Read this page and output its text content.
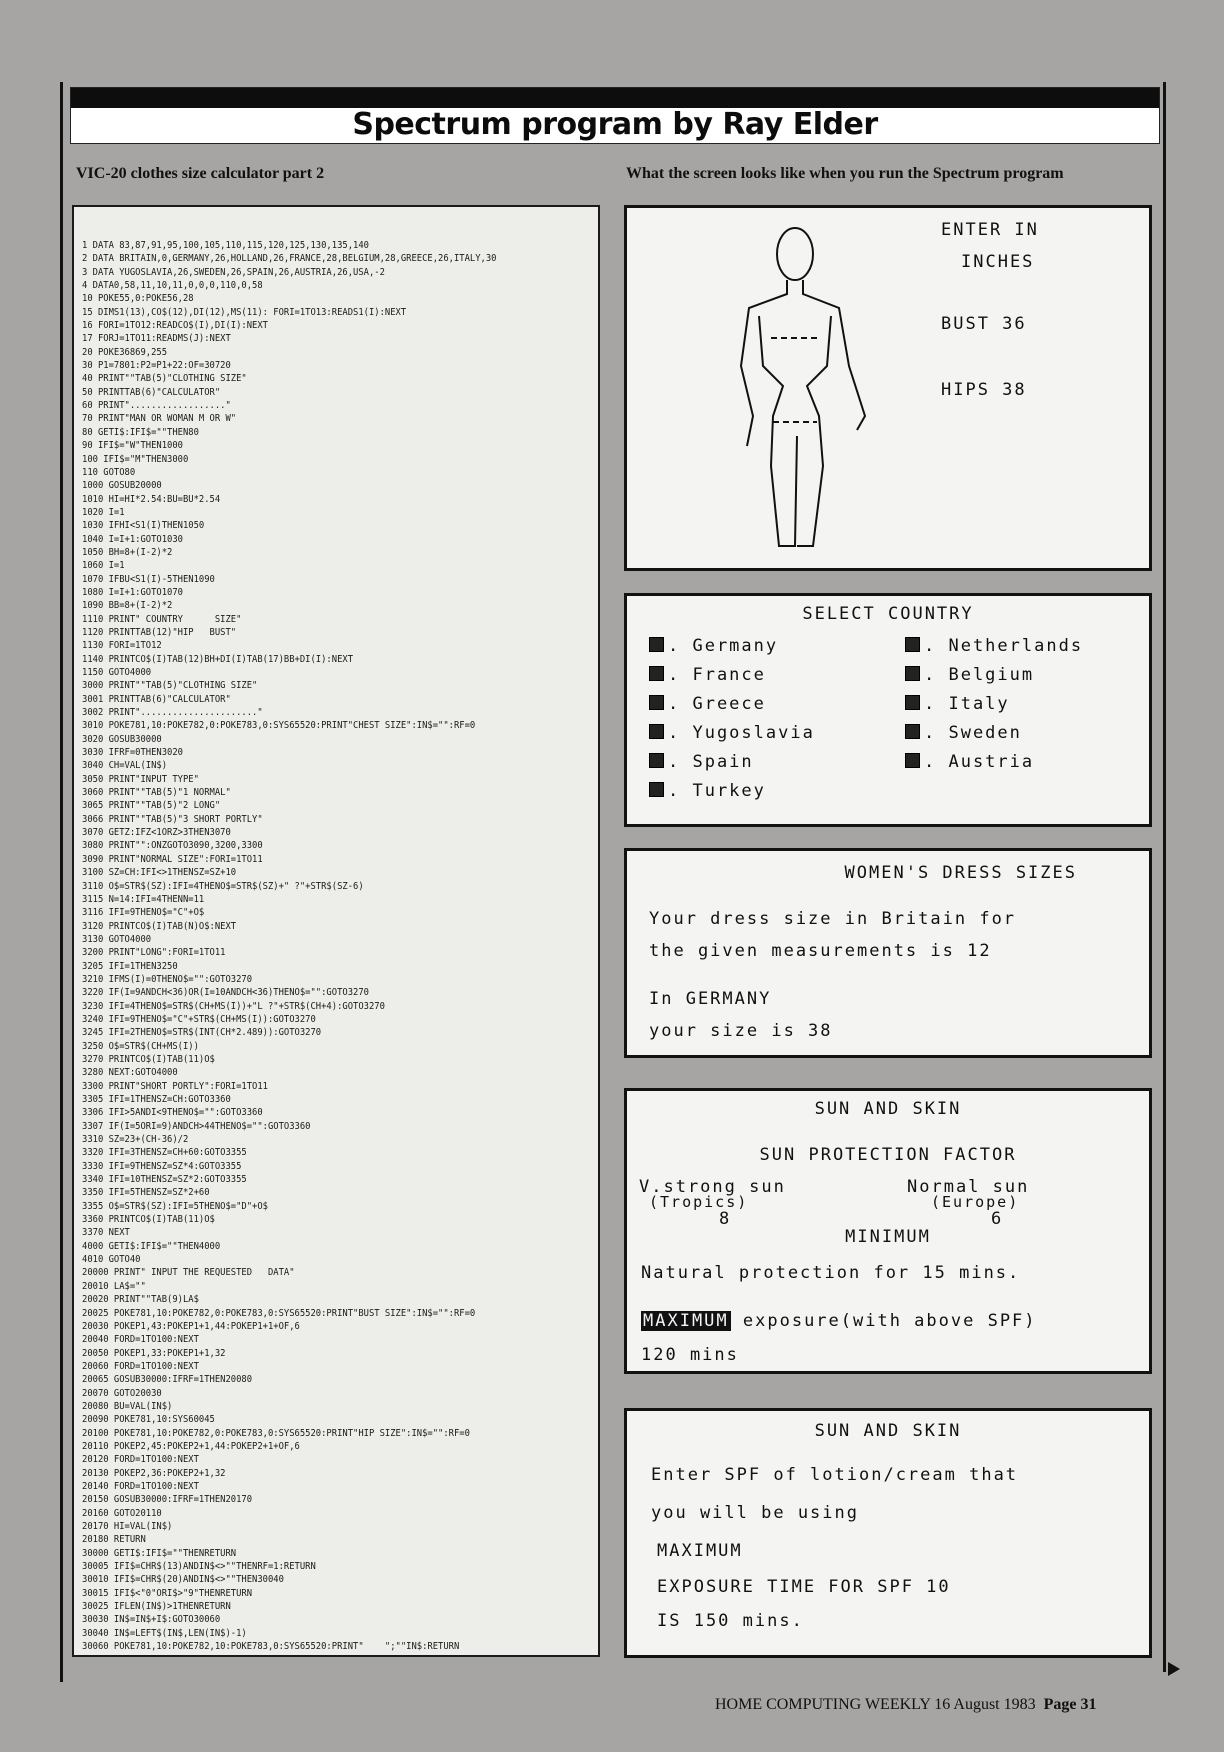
Spectrum program by Ray Elder
VIC-20 clothes size calculator part 2	What the screen looks like when you run the Spectrum program
1 DATA 83,87,91,95,100,105,110,115,120,125,130,135,140
2 DATA BRITAIN,0,GERMANY,26,HOLLAND,26,FRANCE,28,BELGIUM,28,GREECE,26,ITALY,30
3 DATA YUGOSLAVIA,26,SWEDEN,26,SPAIN,26,AUSTRIA,26,USA,-2
4 DATA0,58,11,10,11,0,0,0,110,0,58
10 POKE55,0:POKE56,28
15 DIMS1(13),CO$(12),DI(12),MS(11): FORI=1TO13:READS1(I):NEXT
16 FORI=1TO12:READCO$(I),DI(I):NEXT
17 FORJ=1TO11:READMS(J):NEXT
20 POKE36869,255
30 P1=7801:P2=P1+22:OF=30720
40 PRINT""TAB(5)"CLOTHING SIZE"
50 PRINTTAB(6)"CALCULATOR"
60 PRINT".................."
70 PRINT"MAN OR WOMAN M OR W"
80 GETI$:IFI$=""THEN80
90 IFI$="W"THEN1000
100 IFI$="M"THEN3000
110 GOTO80
1000 GOSUB20000
1010 HI=HI*2.54:BU=BU*2.54
1020 I=1
1030 IFHI<S1(I)THEN1050
1040 I=I+1:GOTO1030
1050 BH=8+(I-2)*2
1060 I=1
1070 IFBU<S1(I)-5THEN1090
1080 I=I+1:GOTO1070
1090 BB=8+(I-2)*2
1110 PRINT" COUNTRY      SIZE"
1120 PRINTTAB(12)"HIP   BUST"
1130 FORI=1TO12
1140 PRINTCO$(I)TAB(12)BH+DI(I)TAB(17)BB+DI(I):NEXT
1150 GOTO4000
3000 PRINT""TAB(5)"CLOTHING SIZE"
3001 PRINTTAB(6)"CALCULATOR"
3002 PRINT"......................"
3010 POKE781,10:POKE782,0:POKE783,0:SYS65520:PRINT"CHEST SIZE":IN$="":RF=0
3020 GOSUB30000
3030 IFRF=0THEN3020
3040 CH=VAL(IN$)
3050 PRINT"INPUT TYPE"
3060 PRINT""TAB(5)"1 NORMAL"
3065 PRINT""TAB(5)"2 LONG"
3066 PRINT""TAB(5)"3 SHORT PORTLY"
3070 GETZ:IFZ<1ORZ>3THEN3070
3080 PRINT"":ONZGOTO3090,3200,3300
3090 PRINT"NORMAL SIZE":FORI=1TO11
3100 SZ=CH:IFI<>1THENSZ=SZ+10
3110 O$=STR$(SZ):IFI=4THENO$=STR$(SZ)+" ?"+STR$(SZ-6)
3115 N=14:IFI=4THENN=11
3116 IFI=9THENO$="C"+O$
3120 PRINTCO$(I)TAB(N)O$:NEXT
3130 GOTO4000
3200 PRINT"LONG":FORI=1TO11
3205 IFI=1THEN3250
3210 IFMS(I)=0THENO$="":GOTO3270
3220 IF(I=9ANDCH<36)OR(I=10ANDCH<36)THENO$="":GOTO3270
3230 IFI=4THENO$=STR$(CH+MS(I))+"L ?"+STR$(CH+4):GOTO3270
3240 IFI=9THENO$="C"+STR$(CH+MS(I)):GOTO3270
3245 IFI=2THENO$=STR$(INT(CH*2.489)):GOTO3270
3250 O$=STR$(CH+MS(I))
3270 PRINTCO$(I)TAB(11)O$
3280 NEXT:GOTO4000
3300 PRINT"SHORT PORTLY":FORI=1TO11
3305 IFI=1THENSZ=CH:GOTO3360
3306 IFI>5ANDI<9THENO$="":GOTO3360
3307 IF(I=5ORI=9)ANDCH>44THENO$="":GOTO3360
3310 SZ=23+(CH-36)/2
3320 IFI=3THENSZ=CH+60:GOTO3355
3330 IFI=9THENSZ=SZ*4:GOTO3355
3340 IFI=10THENSZ=SZ*2:GOTO3355
3350 IFI=5THENSZ=SZ*2+60
3355 O$=STR$(SZ):IFI=5THENO$="D"+O$
3360 PRINTCO$(I)TAB(11)O$
3370 NEXT
4000 GETI$:IFI$=""THEN4000
4010 GOTO40
20000 PRINT" INPUT THE REQUESTED   DATA"
20010 LA$=""
20020 PRINT""TAB(9)LA$
20025 POKE781,10:POKE782,0:POKE783,0:SYS65520:PRINT"BUST SIZE":IN$="":RF=0
20030 POKEP1,43:POKEP1+1,44:POKEP1+1+OF,6
20040 FORD=1TO100:NEXT
20050 POKEP1,33:POKEP1+1,32
20060 FORD=1TO100:NEXT
20065 GOSUB30000:IFRF=1THEN20080
20070 GOTO20030
20080 BU=VAL(IN$)
20090 POKE781,10:SYS60045
20100 POKE781,10:POKE782,0:POKE783,0:SYS65520:PRINT"HIP SIZE":IN$="":RF=0
20110 POKEP2,45:POKEP2+1,44:POKEP2+1+OF,6
20120 FORD=1TO100:NEXT
20130 POKEP2,36:POKEP2+1,32
20140 FORD=1TO100:NEXT
20150 GOSUB30000:IFRF=1THEN20170
20160 GOTO20110
20170 HI=VAL(IN$)
20180 RETURN
30000 GETI$:IFI$=""THENRETURN
30005 IFI$=CHR$(13)ANDIN$<>""THENRF=1:RETURN
30010 IFI$=CHR$(20)ANDIN$<>""THEN30040
30015 IFI$<"0"ORI$>"9"THENRETURN
30025 IFLEN(IN$)>1THENRETURN
30030 IN$=IN$+I$:GOTO30060
30040 IN$=LEFT$(IN$,LEN(IN$)-1)
30060 POKE781,10:POKE782,10:POKE783,0:SYS65520:PRINT"    ";""IN$:RETURN
ENTER IN
INCHES
BUST 36
HIPS 38
SELECT COUNTRY
. Germany
. France
. Greece
. Yugoslavia
. Spain
. Turkey
. Netherlands
. Belgium
. Italy
. Sweden
. Austria
WOMEN'S DRESS SIZES
Your dress size in Britain for
the given measurements is 12
In GERMANY
your size is 38
SUN AND SKIN
SUN PROTECTION FACTOR
V.strong sun
(Tropics)
8
Normal sun
(Europe)
6
MINIMUM
Natural protection for 15 mins.
MAXIMUM exposure(with above SPF)
120 mins
SUN AND SKIN
Enter SPF of lotion/cream that
you will be using
MAXIMUM
EXPOSURE TIME FOR SPF 10
IS 150 mins.
HOME COMPUTING WEEKLY 16 August 1983 Page 31
